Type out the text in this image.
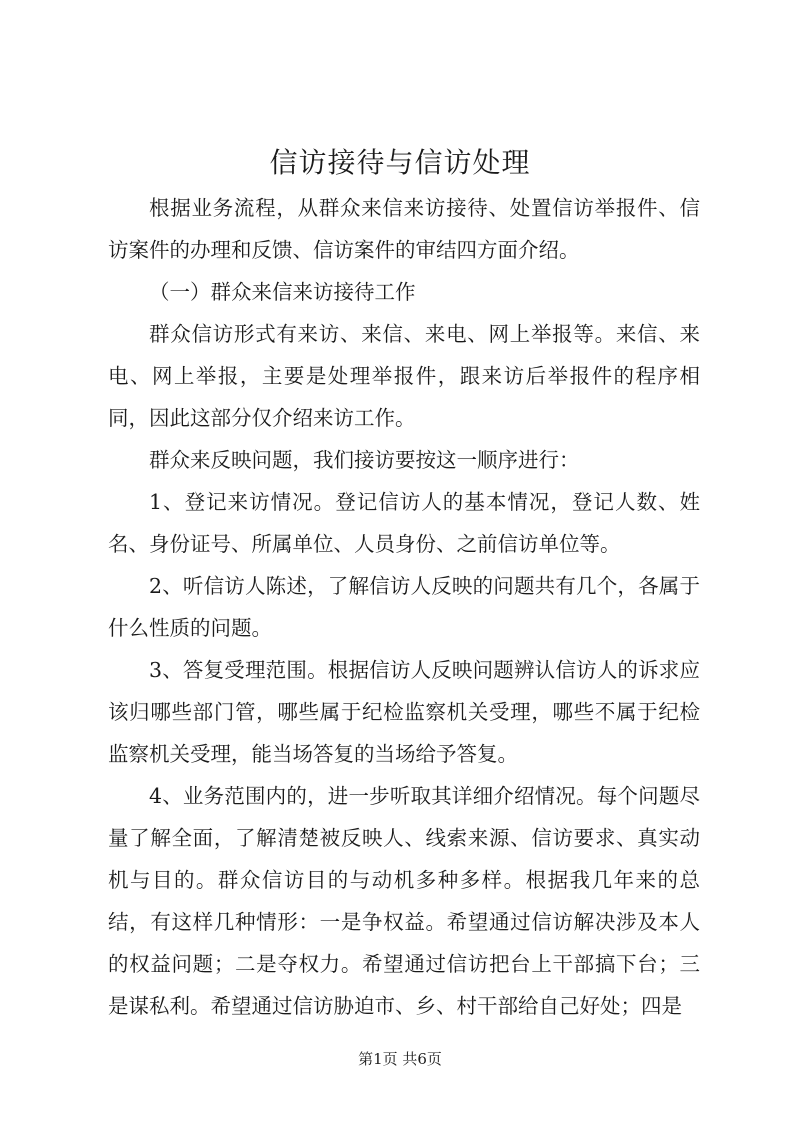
信访接待与信访处理

根据业务流程，从群众来信来访接待、处置信访举报件、信访案件的办理和反馈、信访案件的审结四方面介绍。

（一）群众来信来访接待工作

群众信访形式有来访、来信、来电、网上举报等。来信、来电、网上举报，主要是处理举报件，跟来访后举报件的程序相同，因此这部分仅介绍来访工作。

群众来反映问题，我们接访要按这一顺序进行：

1、登记来访情况。登记信访人的基本情况，登记人数、姓名、身份证号、所属单位、人员身份、之前信访单位等。

2、听信访人陈述，了解信访人反映的问题共有几个，各属于什么性质的问题。

3、答复受理范围。根据信访人反映问题辨认信访人的诉求应该归哪些部门管，哪些属于纪检监察机关受理，哪些不属于纪检监察机关受理，能当场答复的当场给予答复。

4、业务范围内的，进一步听取其详细介绍情况。每个问题尽量了解全面，了解清楚被反映人、线索来源、信访要求、真实动机与目的。群众信访目的与动机多种多样。根据我几年来的总结，有这样几种情形：一是争权益。希望通过信访解决涉及本人的权益问题；二是夺权力。希望通过信访把台上干部搞下台；三是谋私利。希望通过信访胁迫市、乡、村干部给自己好处；四是

第1页 共6页
